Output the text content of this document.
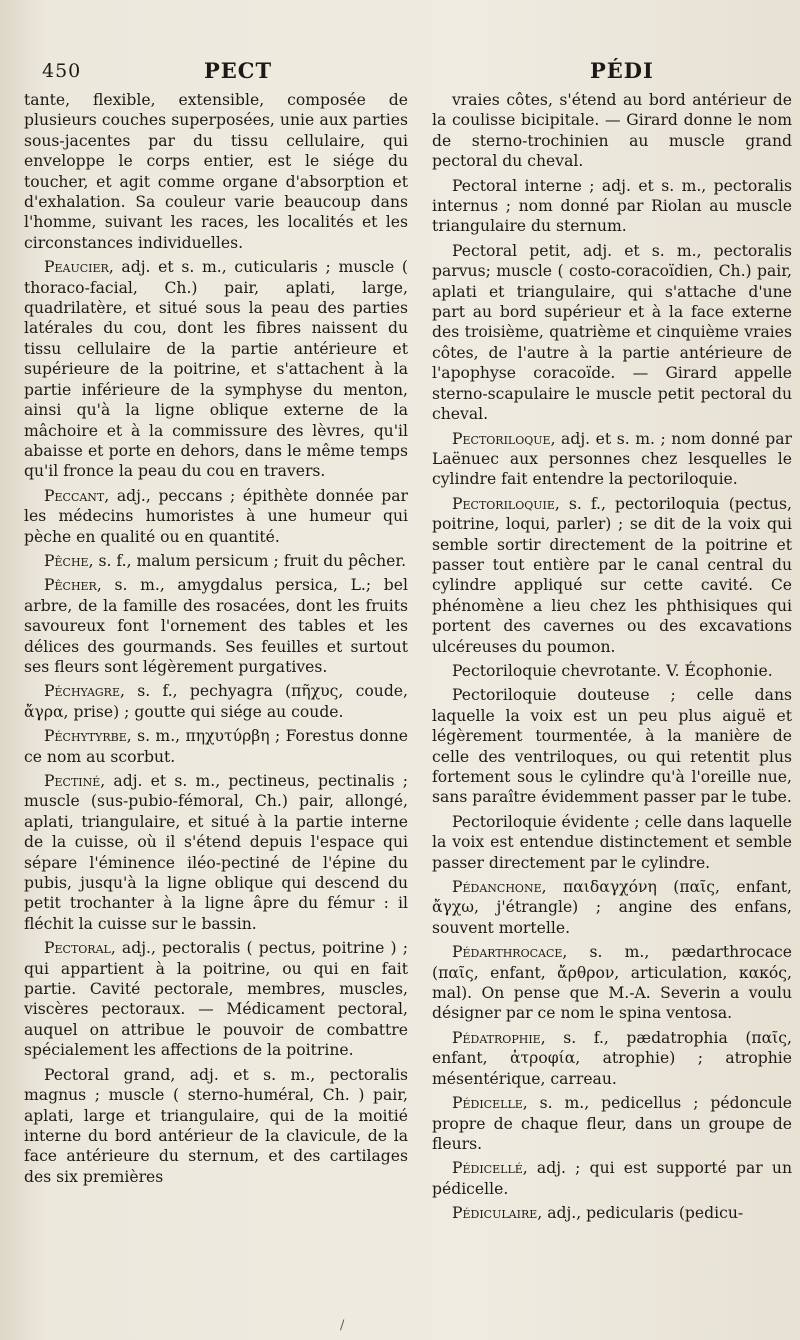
450	PECT	PÉDI

tante, flexible, extensible, composée de plusieurs couches superposées, unie aux parties sous-jacentes par du tissu cellulaire, qui enveloppe le corps entier, est le siége du toucher, et agit comme organe d'absorption et d'exhalation. Sa couleur varie beaucoup dans l'homme, suivant les races, les localités et les circonstances individuelles.

Peaucier, adj. et s. m., cuticularis ; muscle ( thoraco-facial, Ch.) pair, aplati, large, quadrilatère, et situé sous la peau des parties latérales du cou, dont les fibres naissent du tissu cellulaire de la partie antérieure et supérieure de la poitrine, et s'attachent à la partie inférieure de la symphyse du menton, ainsi qu'à la ligne oblique externe de la mâchoire et à la commissure des lèvres, qu'il abaisse et porte en dehors, dans le même temps qu'il fronce la peau du cou en travers.

Peccant, adj., peccans ; épithète donnée par les médecins humoristes à une humeur qui pèche en qualité ou en quantité.

Pêche, s. f., malum persicum ; fruit du pêcher.

Pêcher, s. m., amygdalus persica, L.; bel arbre, de la famille des rosacées, dont les fruits savoureux font l'ornement des tables et les délices des gourmands. Ses feuilles et surtout ses fleurs sont légèrement purgatives.

Péchyagre, s. f., pechyagra (πῆχυς, coude, ἄγρα, prise) ; goutte qui siége au coude.

Péchytyrbe, s. m., πηχυτύρβη ; Forestus donne ce nom au scorbut.

Pectiné, adj. et s. m., pectineus, pectinalis ; muscle (sus-pubio-fémoral, Ch.) pair, allongé, aplati, triangulaire, et situé à la partie interne de la cuisse, où il s'étend depuis l'espace qui sépare l'éminence iléo-pectiné de l'épine du pubis, jusqu'à la ligne oblique qui descend du petit trochanter à la ligne âpre du fémur : il fléchit la cuisse sur le bassin.

Pectoral, adj., pectoralis ( pectus, poitrine ) ; qui appartient à la poitrine, ou qui en fait partie. Cavité pectorale, membres, muscles, viscères pectoraux. — Médicament pectoral, auquel on attribue le pouvoir de combattre spécialement les affections de la poitrine.

Pectoral grand, adj. et s. m., pectoralis magnus ; muscle ( sterno-huméral, Ch. ) pair, aplati, large et triangulaire, qui de la moitié interne du bord antérieur de la clavicule, de la face antérieure du sternum, et des cartilages des six premières

vraies côtes, s'étend au bord antérieur de la coulisse bicipitale. — Girard donne le nom de sterno-trochinien au muscle grand pectoral du cheval.

Pectoral interne ; adj. et s. m., pectoralis internus ; nom donné par Riolan au muscle triangulaire du sternum.

Pectoral petit, adj. et s. m., pectoralis parvus; muscle ( costo-coracoïdien, Ch.) pair, aplati et triangulaire, qui s'attache d'une part au bord supérieur et à la face externe des troisième, quatrième et cinquième vraies côtes, de l'autre à la partie antérieure de l'apophyse coracoïde. — Girard appelle sterno-scapulaire le muscle petit pectoral du cheval.

Pectoriloque, adj. et s. m. ; nom donné par Laënuec aux personnes chez lesquelles le cylindre fait entendre la pectoriloquie.

Pectoriloquie, s. f., pectoriloquia (pectus, poitrine, loqui, parler) ; se dit de la voix qui semble sortir directement de la poitrine et passer tout entière par le canal central du cylindre appliqué sur cette cavité. Ce phénomène a lieu chez les phthisiques qui portent des cavernes ou des excavations ulcéreuses du poumon.

Pectoriloquie chevrotante. V. Écophonie.

Pectoriloquie douteuse ; celle dans laquelle la voix est un peu plus aiguë et légèrement tourmentée, à la manière de celle des ventriloques, ou qui retentit plus fortement sous le cylindre qu'à l'oreille nue, sans paraître évidemment passer par le tube.

Pectoriloquie évidente ; celle dans laquelle la voix est entendue distinctement et semble passer directement par le cylindre.

Pédanchone, παιδαγχόνη (παῖς, enfant, ἄγχω, j'étrangle) ; angine des enfans, souvent mortelle.

Pédarthrocace, s. m., pædarthrocace (παῖς, enfant, ἄρθρον, articulation, κακός, mal). On pense que M.-A. Severin a voulu désigner par ce nom le spina ventosa.

Pédatrophie, s. f., pædatrophia (παῖς, enfant, ἀτροφία, atrophie) ; atrophie mésentérique, carreau.

Pédicelle, s. m., pedicellus ; pédoncule propre de chaque fleur, dans un groupe de fleurs.

Pédicellé, adj. ; qui est supporté par un pédicelle.

Pédiculaire, adj., pedicularis (pedicu-

/
